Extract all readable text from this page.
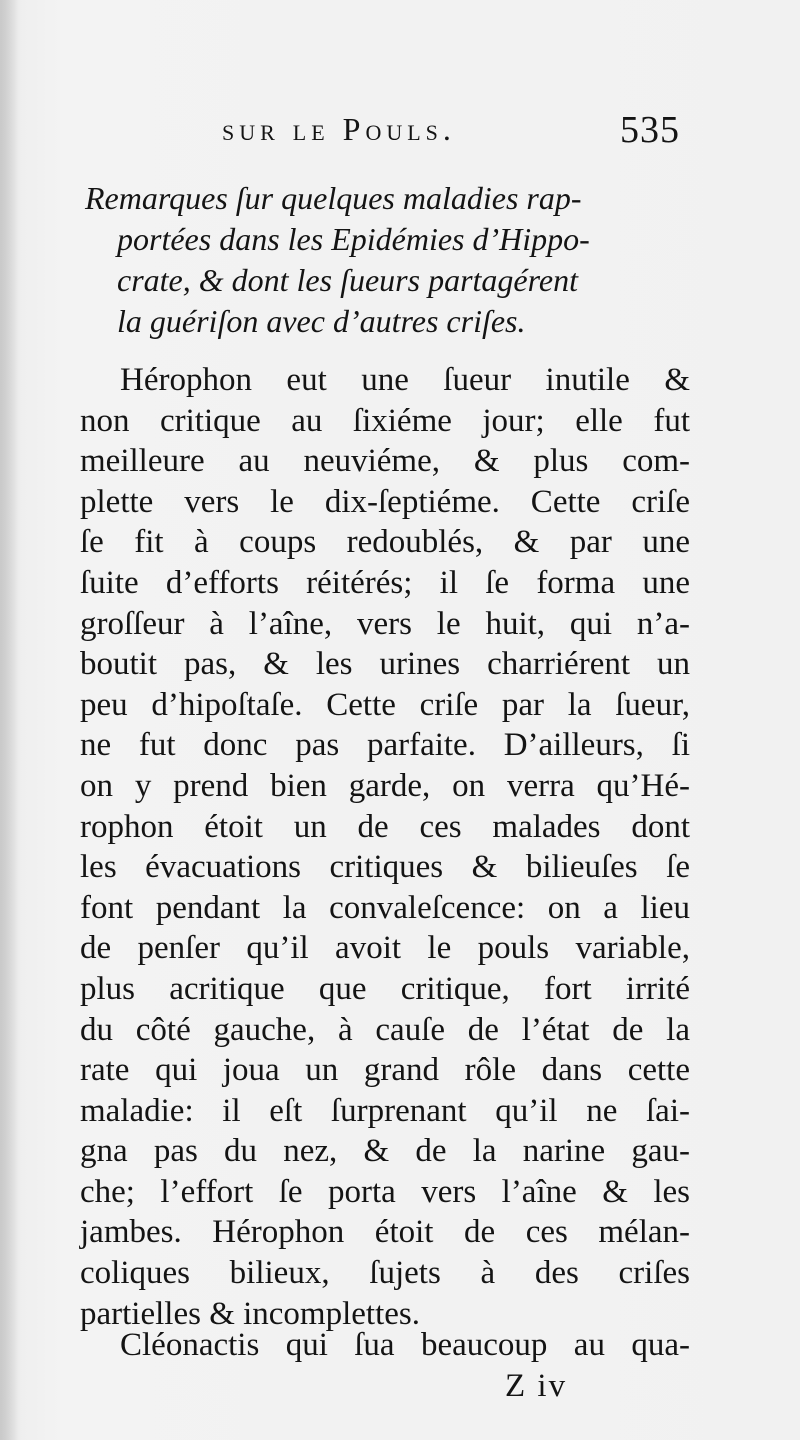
sur le Pouls.	535
Remarques ſur quelques maladies rap-
portées dans les Epidémies d’Hippo-
crate, & dont les ſueurs partagérent
la guériſon avec d’autres criſes.
Hérophon eut une ſueur inutile &
non critique au ſixiéme jour; elle fut
meilleure au neuviéme, & plus com-
plette vers le dix-ſeptiéme. Cette criſe
ſe fit à coups redoublés, & par une
ſuite d’efforts réitérés; il ſe forma une
groſſeur à l’aîne, vers le huit, qui n’a-
boutit pas, & les urines charriérent un
peu d’hipoſtaſe. Cette criſe par la ſueur,
ne fut donc pas parfaite. D’ailleurs, ſi
on y prend bien garde, on verra qu’Hé-
rophon étoit un de ces malades dont
les évacuations critiques & bilieuſes ſe
font pendant la convaleſcence: on a lieu
de penſer qu’il avoit le pouls variable,
plus acritique que critique, fort irrité
du côté gauche, à cauſe de l’état de la
rate qui joua un grand rôle dans cette
maladie: il eſt ſurprenant qu’il ne ſai-
gna pas du nez, & de la narine gau-
che; l’effort ſe porta vers l’aîne & les
jambes. Hérophon étoit de ces mélan-
coliques bilieux, ſujets à des criſes
partielles & incomplettes.
Cléonactis qui ſua beaucoup au qua-
Z iv
